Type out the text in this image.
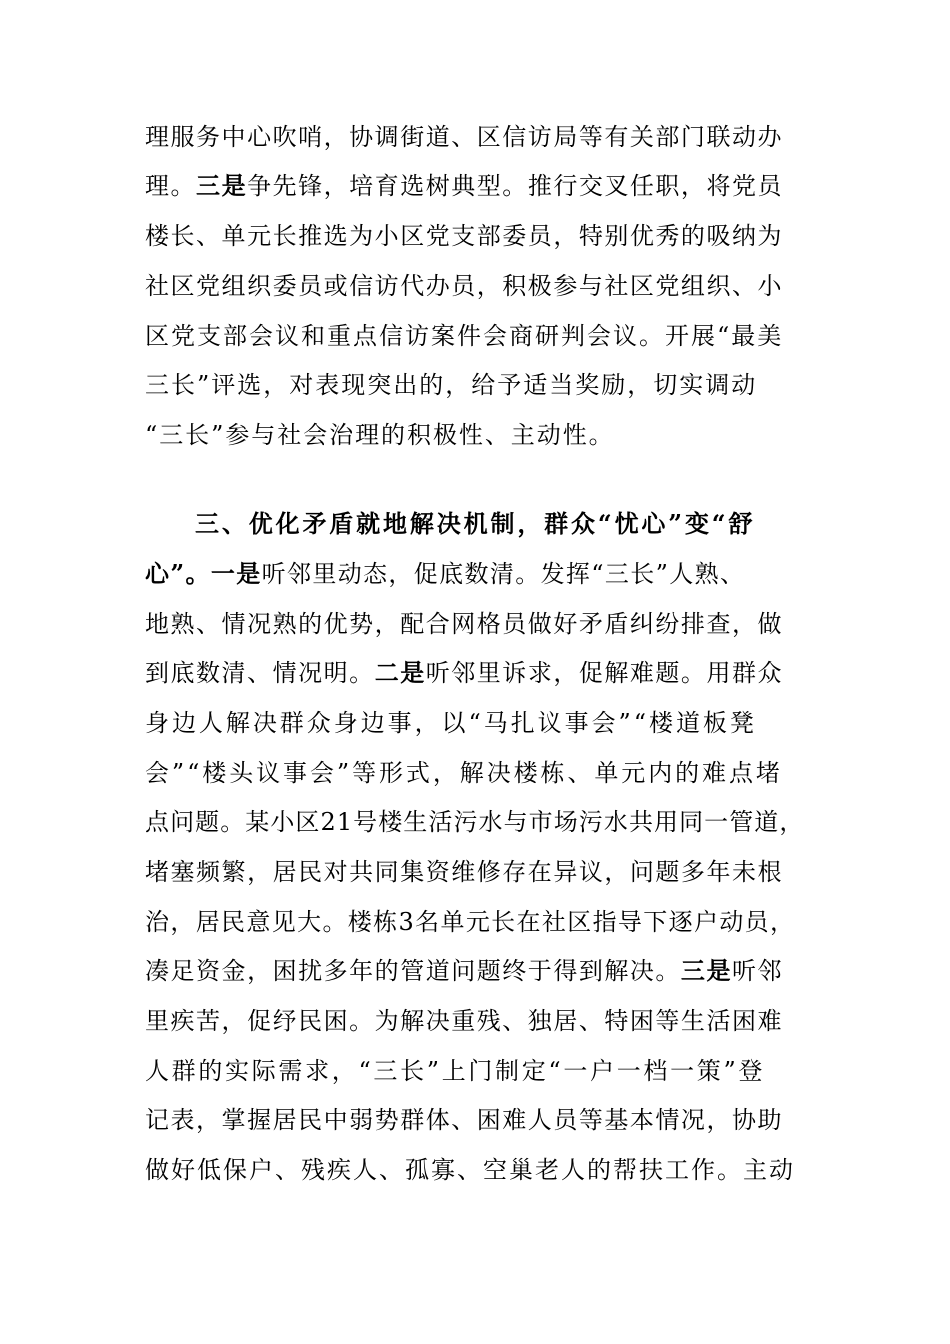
理服务中心吹哨，协调街道、区信访局等有关部门联动办
理。三是争先锋，培育选树典型。推行交叉任职，将党员
楼长、单元长推选为小区党支部委员，特别优秀的吸纳为
社区党组织委员或信访代办员，积极参与社区党组织、小
区党支部会议和重点信访案件会商研判会议。开展“最美
三长”评选，对表现突出的，给予适当奖励，切实调动
“三长”参与社会治理的积极性、主动性。
三、优化矛盾就地解决机制，群众“忧心”变“舒
心”。一是听邻里动态，促底数清。发挥“三长”人熟、
地熟、情况熟的优势，配合网格员做好矛盾纠纷排查，做
到底数清、情况明。二是听邻里诉求，促解难题。用群众
身边人解决群众身边事，以“马扎议事会”“楼道板凳
会”“楼头议事会”等形式，解决楼栋、单元内的难点堵
点问题。某小区21号楼生活污水与市场污水共用同一管道，
堵塞频繁，居民对共同集资维修存在异议，问题多年未根
治，居民意见大。楼栋3名单元长在社区指导下逐户动员，
凑足资金，困扰多年的管道问题终于得到解决。三是听邻
里疾苦，促纾民困。为解决重残、独居、特困等生活困难
人群的实际需求，“三长”上门制定“一户一档一策”登
记表，掌握居民中弱势群体、困难人员等基本情况，协助
做好低保户、残疾人、孤寡、空巢老人的帮扶工作。主动
